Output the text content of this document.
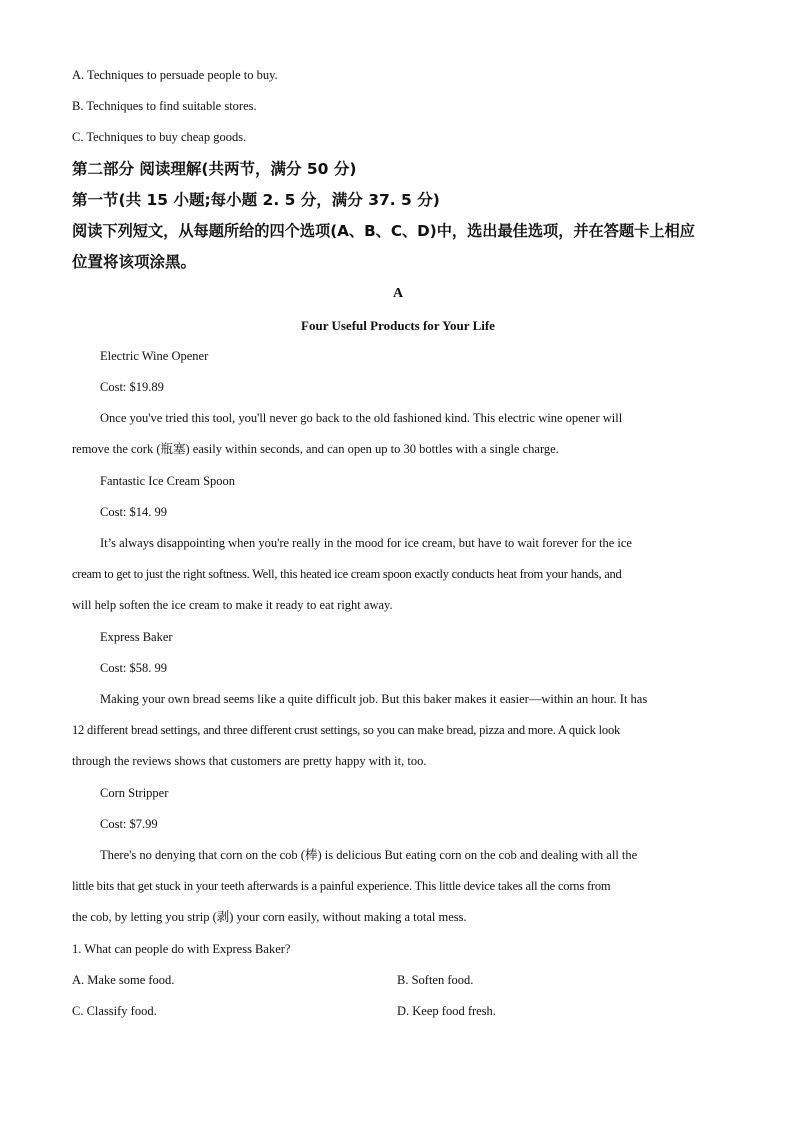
A. Techniques to persuade people to buy.

B. Techniques to find suitable stores.

C. Techniques to buy cheap goods.

第二部分 阅读理解(共两节，满分 50 分)

第一节(共 15 小题;每小题 2. 5 分，满分 37. 5 分)

阅读下列短文，从每题所给的四个选项(A、B、C、D)中，选出最佳选项，并在答题卡上相应

位置将该项涂黑。

A

Four Useful Products for Your Life

Electric Wine Opener

Cost: $19.89

Once you've tried this tool, you'll never go back to the old fashioned kind. This electric wine opener will

remove the cork (瓶塞) easily within seconds, and can open up to 30 bottles with a single charge.

Fantastic Ice Cream Spoon

Cost: $14. 99

It’s always disappointing when you're really in the mood for ice cream, but have to wait forever for the ice

cream to get to just the right softness. Well, this heated ice cream spoon exactly conducts heat from your hands, and

will help soften the ice cream to make it ready to eat right away.

Express Baker

Cost: $58. 99

Making your own bread seems like a quite difficult job. But this baker makes it easier—within an hour. It has

12 different bread settings, and three different crust settings, so you can make bread, pizza and more. A quick look

through the reviews shows that customers are pretty happy with it, too.

Corn Stripper

Cost: $7.99

There's no denying that corn on the cob (棒) is delicious But eating corn on the cob and dealing with all the

little bits that get stuck in your teeth afterwards is a painful experience. This little device takes all the corns from

the cob, by letting you strip (剥) your corn easily, without making a total mess.

1. What can people do with Express Baker?

A. Make some food.	B. Soften food.
C. Classify food.	D. Keep food fresh.
